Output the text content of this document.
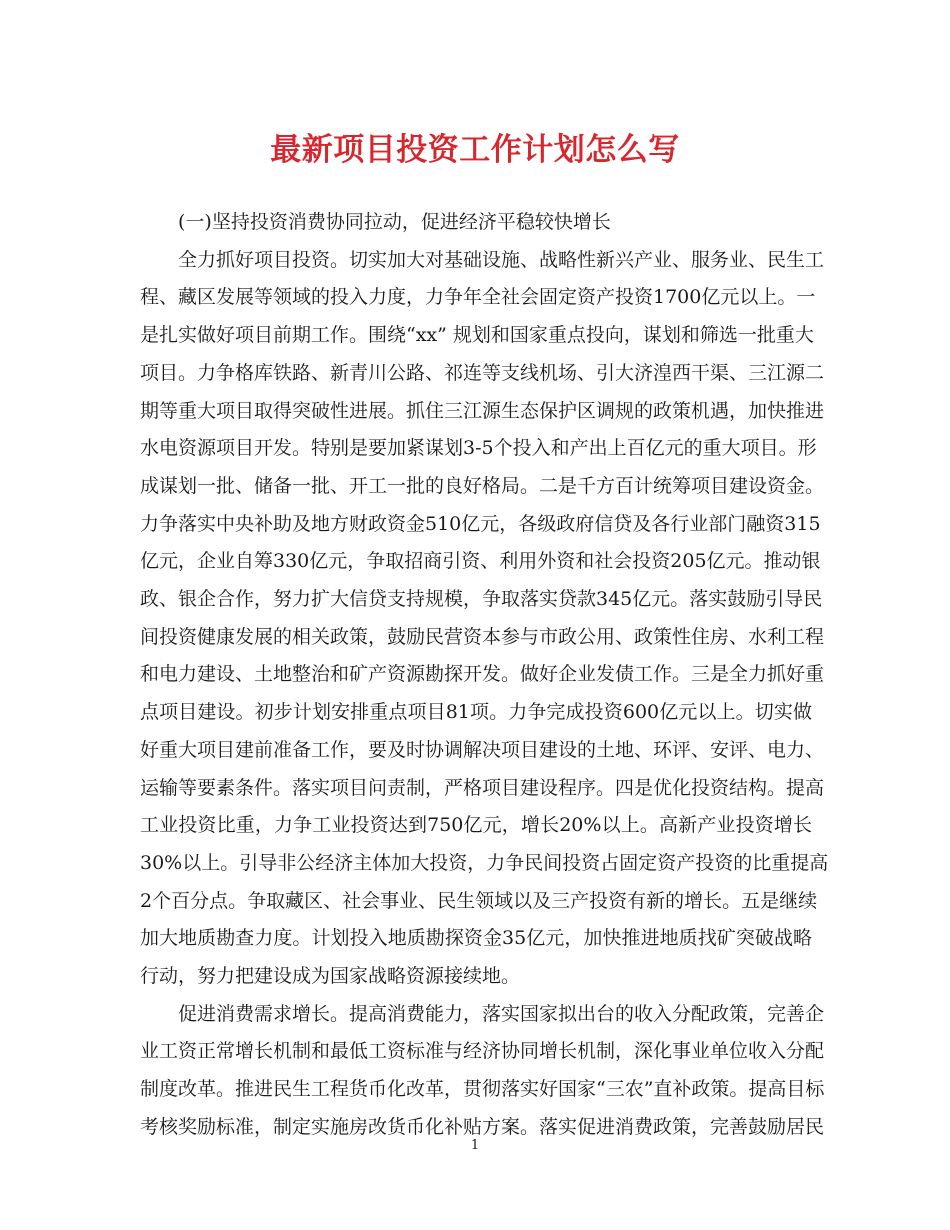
最新项目投资工作计划怎么写

(一)坚持投资消费协同拉动，促进经济平稳较快增长

全力抓好项目投资。切实加大对基础设施、战略性新兴产业、服务业、民生工
程、藏区发展等领域的投入力度，力争年全社会固定资产投资1700亿元以上。一
是扎实做好项目前期工作。围绕“xx” 规划和国家重点投向，谋划和筛选一批重大
项目。力争格库铁路、新青川公路、祁连等支线机场、引大济湟西干渠、三江源二
期等重大项目取得突破性进展。抓住三江源生态保护区调规的政策机遇，加快推进
水电资源项目开发。特别是要加紧谋划3-5个投入和产出上百亿元的重大项目。形
成谋划一批、储备一批、开工一批的良好格局。二是千方百计统筹项目建设资金。
力争落实中央补助及地方财政资金510亿元，各级政府信贷及各行业部门融资315
亿元，企业自筹330亿元，争取招商引资、利用外资和社会投资205亿元。推动银
政、银企合作，努力扩大信贷支持规模，争取落实贷款345亿元。落实鼓励引导民
间投资健康发展的相关政策，鼓励民营资本参与市政公用、政策性住房、水利工程
和电力建设、土地整治和矿产资源勘探开发。做好企业发债工作。三是全力抓好重
点项目建设。初步计划安排重点项目81项。力争完成投资600亿元以上。切实做
好重大项目建前准备工作，要及时协调解决项目建设的土地、环评、安评、电力、
运输等要素条件。落实项目问责制，严格项目建设程序。四是优化投资结构。提高
工业投资比重，力争工业投资达到750亿元，增长20%以上。高新产业投资增长
30%以上。引导非公经济主体加大投资，力争民间投资占固定资产投资的比重提高
2个百分点。争取藏区、社会事业、民生领域以及三产投资有新的增长。五是继续
加大地质勘查力度。计划投入地质勘探资金35亿元，加快推进地质找矿突破战略
行动，努力把建设成为国家战略资源接续地。

促进消费需求增长。提高消费能力，落实国家拟出台的收入分配政策，完善企
业工资正常增长机制和最低工资标准与经济协同增长机制，深化事业单位收入分配
制度改革。推进民生工程货币化改革，贯彻落实好国家“三农”直补政策。提高目标
考核奖励标准，制定实施房改货币化补贴方案。落实促进消费政策，完善鼓励居民

1
